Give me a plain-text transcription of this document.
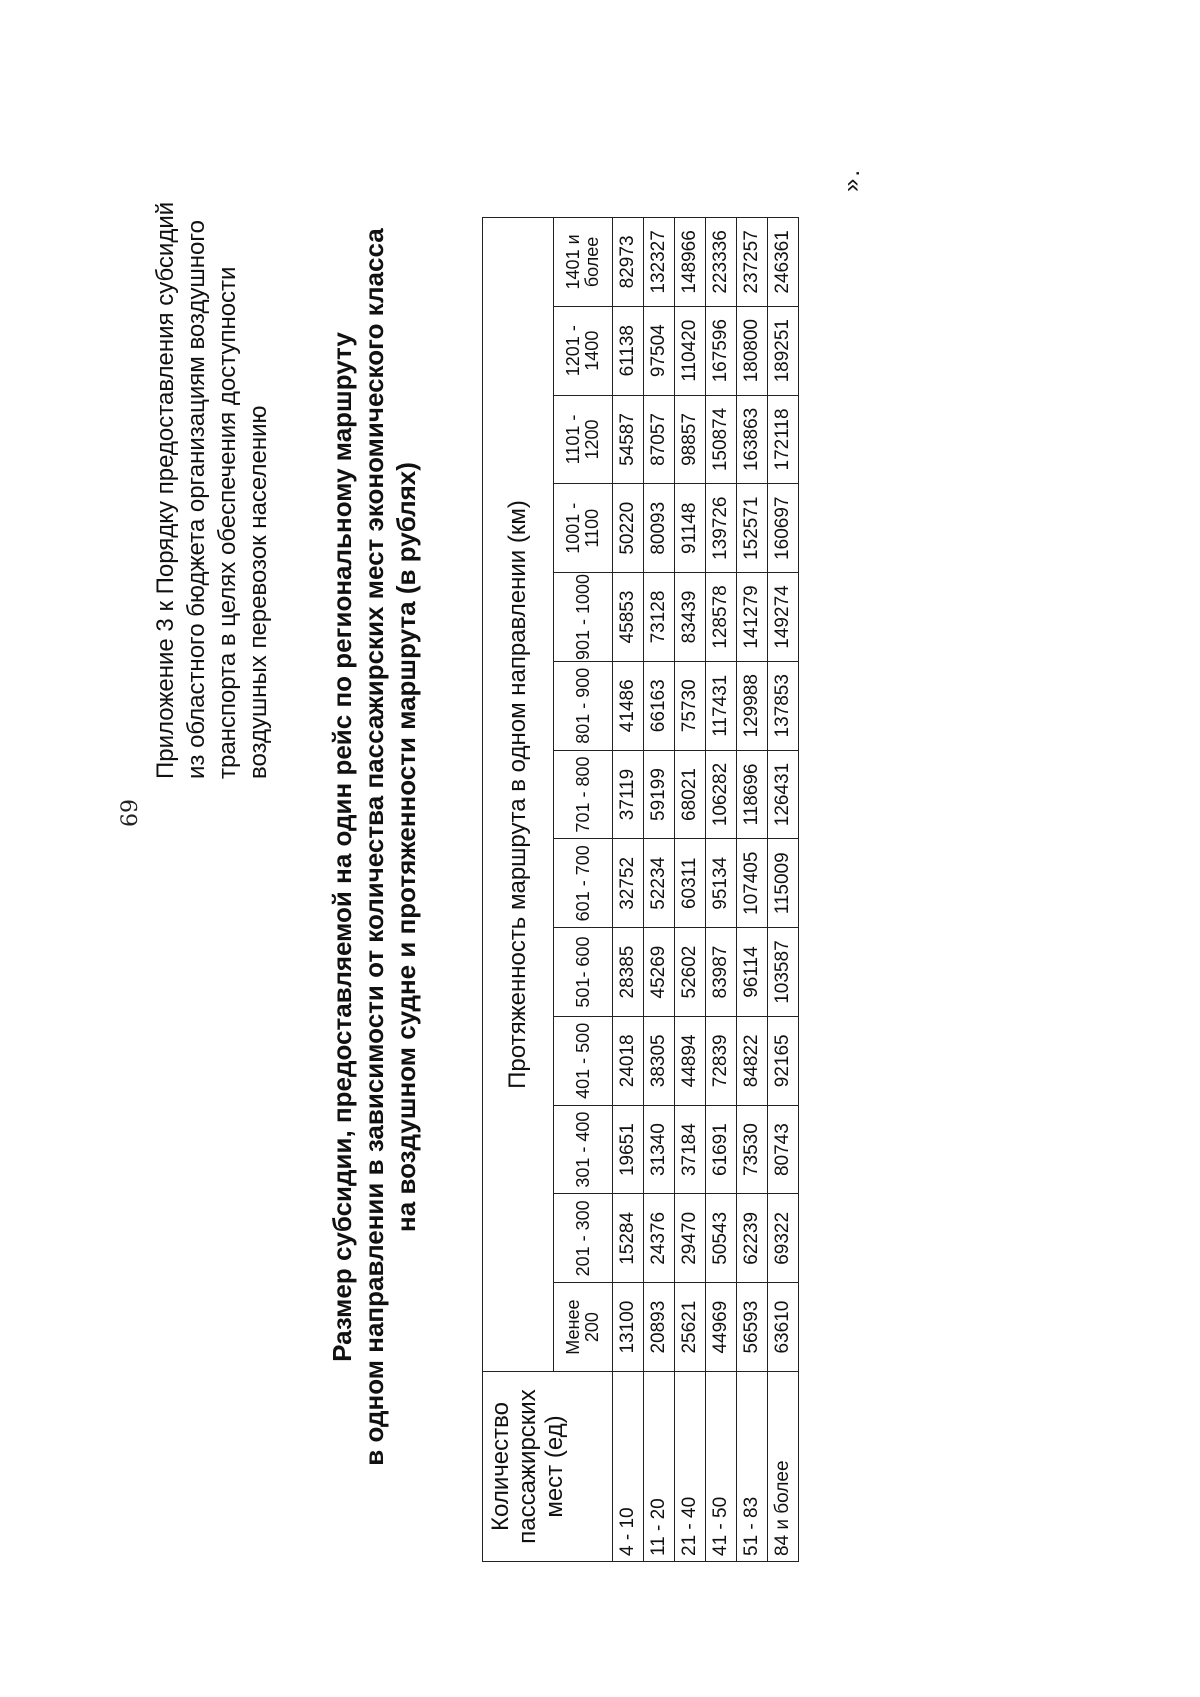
69
Приложение 3 к Порядку предоставления субсидий из областного бюджета организациям воздушного транспорта в целях обеспечения доступности воздушных перевозок населению Размер субсидии, предоставляемой на один рейс по региональному маршруту в одном направлении в зависимости от количества пассажирских мест экономического класса на воздушном судне и протяженности маршрута (в рублях)
Количество пассажирских мест (ед)	Протяженность маршрута в одном направлении (км)												
	Менее 200	201 - 300	301 - 400	401 - 500	501- 600	601 - 700	701 - 800	801 - 900	901 - 1000	1001 - 1100	1101 - 1200	1201 - 1400	1401 и более
4 - 10	13100	15284	19651	24018	28385	32752	37119	41486	45853	50220	54587	61138	82973
11 - 20	20893	24376	31340	38305	45269	52234	59199	66163	73128	80093	87057	97504	132327
21 - 40	25621	29470	37184	44894	52602	60311	68021	75730	83439	91148	98857	110420	148966
41 - 50	44969	50543	61691	72839	83987	95134	106282	117431	128578	139726	150874	167596	223336
51 - 83	56593	62239	73530	84822	96114	107405	118696	129988	141279	152571	163863	180800	237257
84 и более	63610	69322	80743	92165	103587	115009	126431	137853	149274	160697	172118	189251	246361
».
